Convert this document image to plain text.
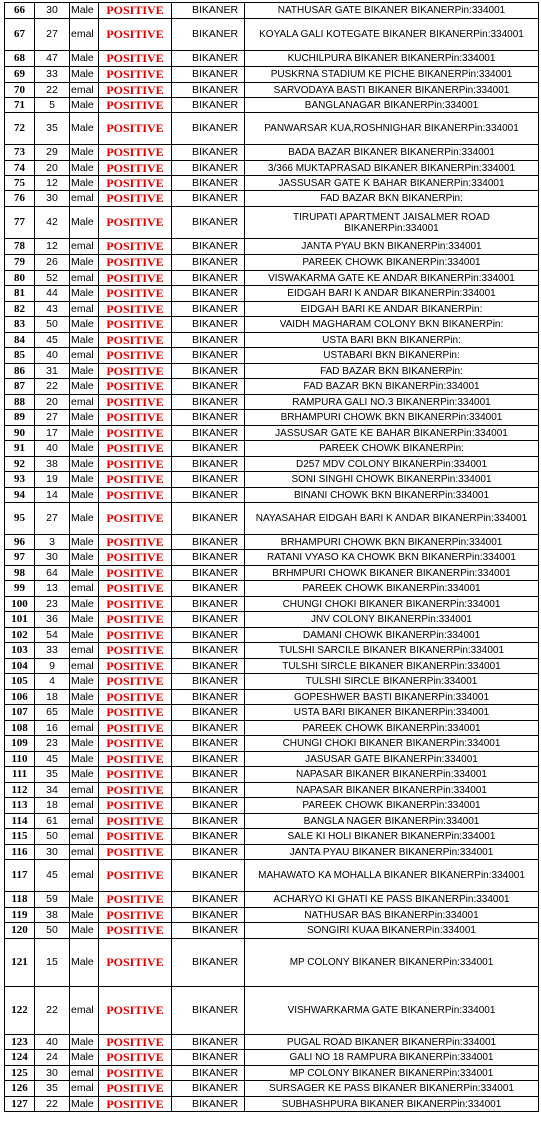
66	30	Male	POSITIVE	BIKANER	NATHUSAR GATE BIKANER BIKANERPin:334001
67	27	emal	POSITIVE	BIKANER	KOYALA GALI KOTEGATE BIKANER BIKANERPin:334001
68	47	Male	POSITIVE	BIKANER	KUCHILPURA BIKANER BIKANERPin:334001
69	33	Male	POSITIVE	BIKANER	PUSKRNA STADIUM KE PICHE BIKANERPin:334001
70	22	emal	POSITIVE	BIKANER	SARVODAYA BASTI BIKANER BIKANERPin:334001
71	5	Male	POSITIVE	BIKANER	BANGLANAGAR BIKANERPin:334001
72	35	Male	POSITIVE	BIKANER	PANWARSAR KUA,ROSHNIGHAR BIKANERPin:334001
73	29	Male	POSITIVE	BIKANER	BADA BAZAR BIKANER BIKANERPin:334001
74	20	Male	POSITIVE	BIKANER	3/366 MUKTAPRASAD BIKANER BIKANERPin:334001
75	12	Male	POSITIVE	BIKANER	JASSUSAR GATE K BAHAR BIKANERPin:334001
76	30	emal	POSITIVE	BIKANER	FAD BAZAR BKN BIKANERPin:
77	42	Male	POSITIVE	BIKANER	TIRUPATI APARTMENT JAISALMER ROAD BIKANERPin:334001
78	12	emal	POSITIVE	BIKANER	JANTA PYAU BKN BIKANERPin:334001
79	26	Male	POSITIVE	BIKANER	PAREEK CHOWK BIKANERPin:334001
80	52	emal	POSITIVE	BIKANER	VISWAKARMA GATE KE ANDAR BIKANERPin:334001
81	44	Male	POSITIVE	BIKANER	EIDGAH BARI K ANDAR BIKANERPin:334001
82	43	emal	POSITIVE	BIKANER	EIDGAH BARI KE ANDAR BIKANERPin:
83	50	Male	POSITIVE	BIKANER	VAIDH MAGHARAM COLONY BKN BIKANERPin:
84	45	Male	POSITIVE	BIKANER	USTA BARI BKN BIKANERPin:
85	40	emal	POSITIVE	BIKANER	USTABARI BKN BIKANERPin:
86	31	Male	POSITIVE	BIKANER	FAD BAZAR BKN BIKANERPin:
87	22	Male	POSITIVE	BIKANER	FAD BAZAR BKN BIKANERPin:334001
88	20	emal	POSITIVE	BIKANER	RAMPURA GALI NO.3 BIKANERPin:334001
89	27	Male	POSITIVE	BIKANER	BRHAMPURI CHOWK BKN BIKANERPin:334001
90	17	Male	POSITIVE	BIKANER	JASSUSAR GATE KE BAHAR BIKANERPin:334001
91	40	Male	POSITIVE	BIKANER	PAREEK CHOWK BIKANERPin:
92	38	Male	POSITIVE	BIKANER	D257 MDV COLONY BIKANERPin:334001
93	19	Male	POSITIVE	BIKANER	SONI SINGHI CHOWK BIKANERPin:334001
94	14	Male	POSITIVE	BIKANER	BINANI CHOWK BKN BIKANERPin:334001
95	27	Male	POSITIVE	BIKANER	NAYASAHAR EIDGAH BARI K ANDAR BIKANERPin:334001
96	3	Male	POSITIVE	BIKANER	BRHAMPURI CHOWK BKN BIKANERPin:334001
97	30	Male	POSITIVE	BIKANER	RATANI VYASO KA CHOWK BKN BIKANERPin:334001
98	64	Male	POSITIVE	BIKANER	BRHMPURI CHOWK BIKANER BIKANERPin:334001
99	13	emal	POSITIVE	BIKANER	PAREEK CHOWK BIKANERPin:334001
100	23	Male	POSITIVE	BIKANER	CHUNGI CHOKI BIKANER BIKANERPin:334001
101	36	Male	POSITIVE	BIKANER	JNV COLONY BIKANERPin:334001
102	54	Male	POSITIVE	BIKANER	DAMANI CHOWK BIKANERPin:334001
103	33	emal	POSITIVE	BIKANER	TULSHI SARCILE BIKANER BIKANERPin:334001
104	9	emal	POSITIVE	BIKANER	TULSHI SIRCLE BIKANER BIKANERPin:334001
105	4	Male	POSITIVE	BIKANER	TULSHI SIRCLE BIKANERPin:334001
106	18	Male	POSITIVE	BIKANER	GOPESHWER BASTI BIKANERPin:334001
107	65	Male	POSITIVE	BIKANER	USTA BARI BIKANER BIKANERPin:334001
108	16	emal	POSITIVE	BIKANER	PAREEK CHOWK BIKANERPin:334001
109	23	Male	POSITIVE	BIKANER	CHUNGI CHOKI BIKANER BIKANERPin:334001
110	45	Male	POSITIVE	BIKANER	JASUSAR GATE BIKANERPin:334001
111	35	Male	POSITIVE	BIKANER	NAPASAR BIKANER BIKANERPin:334001
112	34	emal	POSITIVE	BIKANER	NAPASAR BIKANER BIKANERPin:334001
113	18	emal	POSITIVE	BIKANER	PAREEK CHOWK BIKANERPin:334001
114	61	emal	POSITIVE	BIKANER	BANGLA NAGER BIKANERPin:334001
115	50	emal	POSITIVE	BIKANER	SALE KI HOLI BIKANER BIKANERPin:334001
116	30	emal	POSITIVE	BIKANER	JANTA PYAU BIKANER BIKANERPin:334001
117	45	emal	POSITIVE	BIKANER	MAHAWATO KA MOHALLA BIKANER BIKANERPin:334001
118	59	Male	POSITIVE	BIKANER	ACHARYO KI GHATI KE PASS BIKANERPin:334001
119	38	Male	POSITIVE	BIKANER	NATHUSAR BAS BIKANERPin:334001
120	50	Male	POSITIVE	BIKANER	SONGIRI KUAA BIKANERPin:334001
121	15	Male	POSITIVE	BIKANER	MP COLONY BIKANER BIKANERPin:334001
122	22	emal	POSITIVE	BIKANER	VISHWARKARMA GATE BIKANERPin:334001
123	40	Male	POSITIVE	BIKANER	PUGAL ROAD BIKANER BIKANERPin:334001
124	24	Male	POSITIVE	BIKANER	GALI NO 18 RAMPURA BIKANERPin:334001
125	30	emal	POSITIVE	BIKANER	MP COLONY BIKANER BIKANERPin:334001
126	35	emal	POSITIVE	BIKANER	SURSAGER KE PASS BIKANER BIKANERPin:334001
127	22	Male	POSITIVE	BIKANER	SUBHASHPURA BIKANER BIKANERPin:334001
